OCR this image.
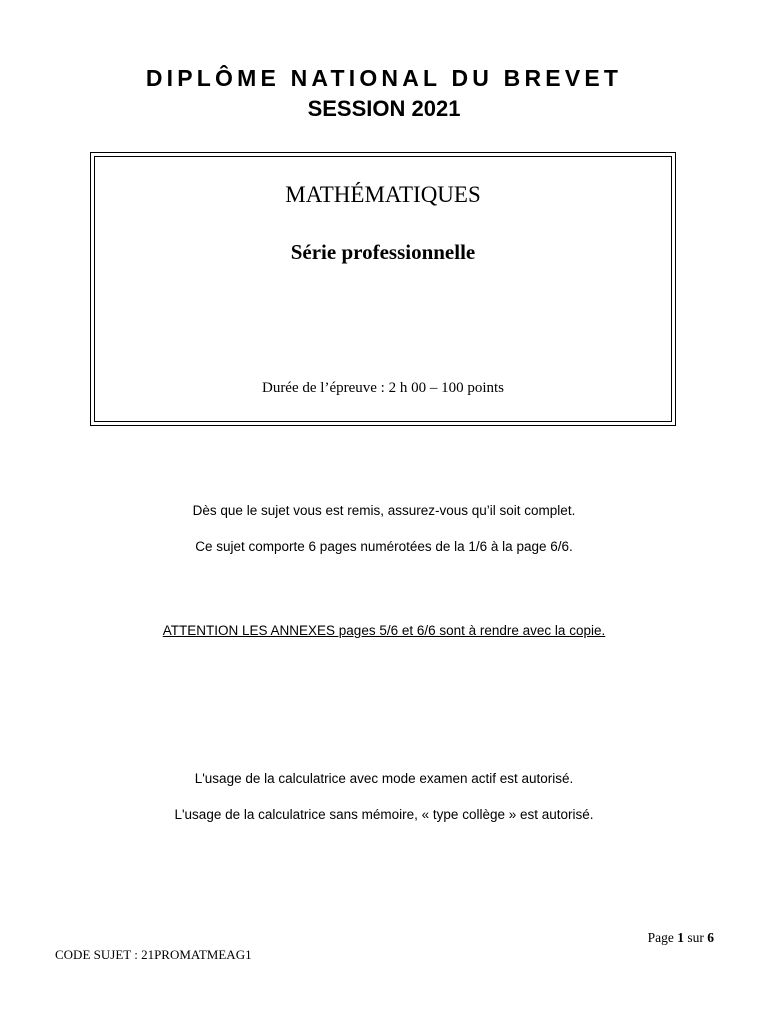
DIPLÔME NATIONAL DU BREVET
SESSION 2021
MATHÉMATIQUES
Série professionnelle
Durée de l’épreuve : 2 h 00 – 100 points
Dès que le sujet vous est remis, assurez-vous qu’il soit complet.
Ce sujet comporte 6 pages numérotées de la 1/6 à la page 6/6.
ATTENTION LES ANNEXES pages 5/6 et 6/6 sont à rendre avec la copie.
L'usage de la calculatrice avec mode examen actif est autorisé.
L'usage de la calculatrice sans mémoire, « type collège » est autorisé.
Page 1 sur 6
CODE SUJET : 21PROMATMEAG1
